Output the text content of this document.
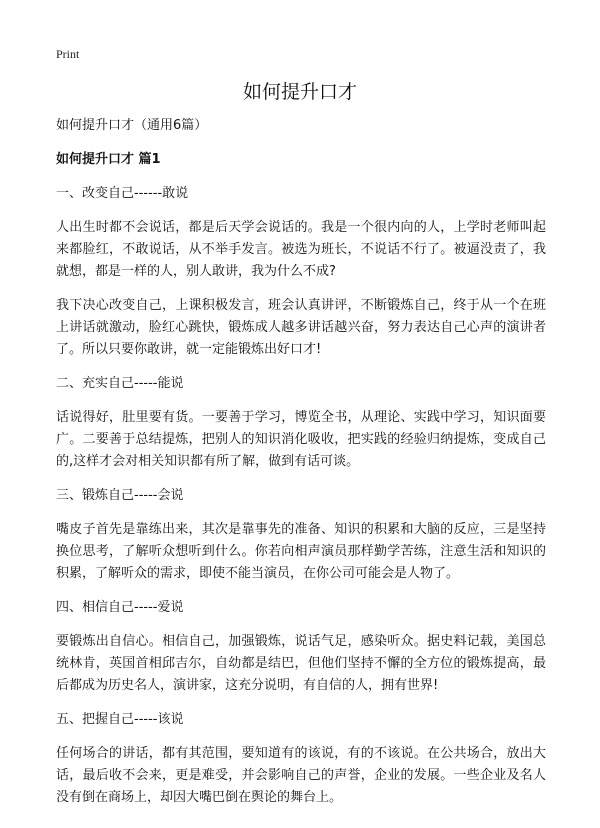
Print
如何提升口才

如何提升口才（通用6篇）

如何提升口才 篇1

一、改变自己------敢说

人出生时都不会说话，都是后天学会说话的。我是一个很内向的人，上学时老师叫起来都脸红，不敢说话，从不举手发言。被选为班长，不说话不行了。被逼没责了，我就想，都是一样的人，别人敢讲，我为什么不成?

我下决心改变自己，上课积极发言，班会认真讲评，不断锻炼自己，终于从一个在班上讲话就激动，脸红心跳快，锻炼成人越多讲话越兴奋，努力表达自己心声的演讲者了。所以只要你敢讲，就一定能锻炼出好口才!

二、充实自己-----能说

话说得好，肚里要有货。一要善于学习，博览全书，从理论、实践中学习，知识面要广。二要善于总结提炼，把别人的知识消化吸收，把实践的经验归纳提炼，变成自己的,这样才会对相关知识都有所了解，做到有话可谈。

三、锻炼自己-----会说

嘴皮子首先是靠练出来，其次是靠事先的准备、知识的积累和大脑的反应，三是坚持换位思考，了解听众想听到什么。你若向相声演员那样勤学苦练，注意生活和知识的积累，了解听众的需求，即使不能当演员，在你公司可能会是人物了。

四、相信自己-----爱说

要锻炼出自信心。相信自己，加强锻炼，说话气足，感染听众。据史料记载，美国总统林肯，英国首相邱吉尔，自幼都是结巴，但他们坚持不懈的全方位的锻炼提高，最后都成为历史名人，演讲家，这充分说明，有自信的人，拥有世界!

五、把握自己-----该说

任何场合的讲话，都有其范围，要知道有的该说，有的不该说。在公共场合，放出大话，最后收不会来，更是难受，并会影响自己的声誉，企业的发展。一些企业及名人没有倒在商场上，却因大嘴巴倒在舆论的舞台上。
